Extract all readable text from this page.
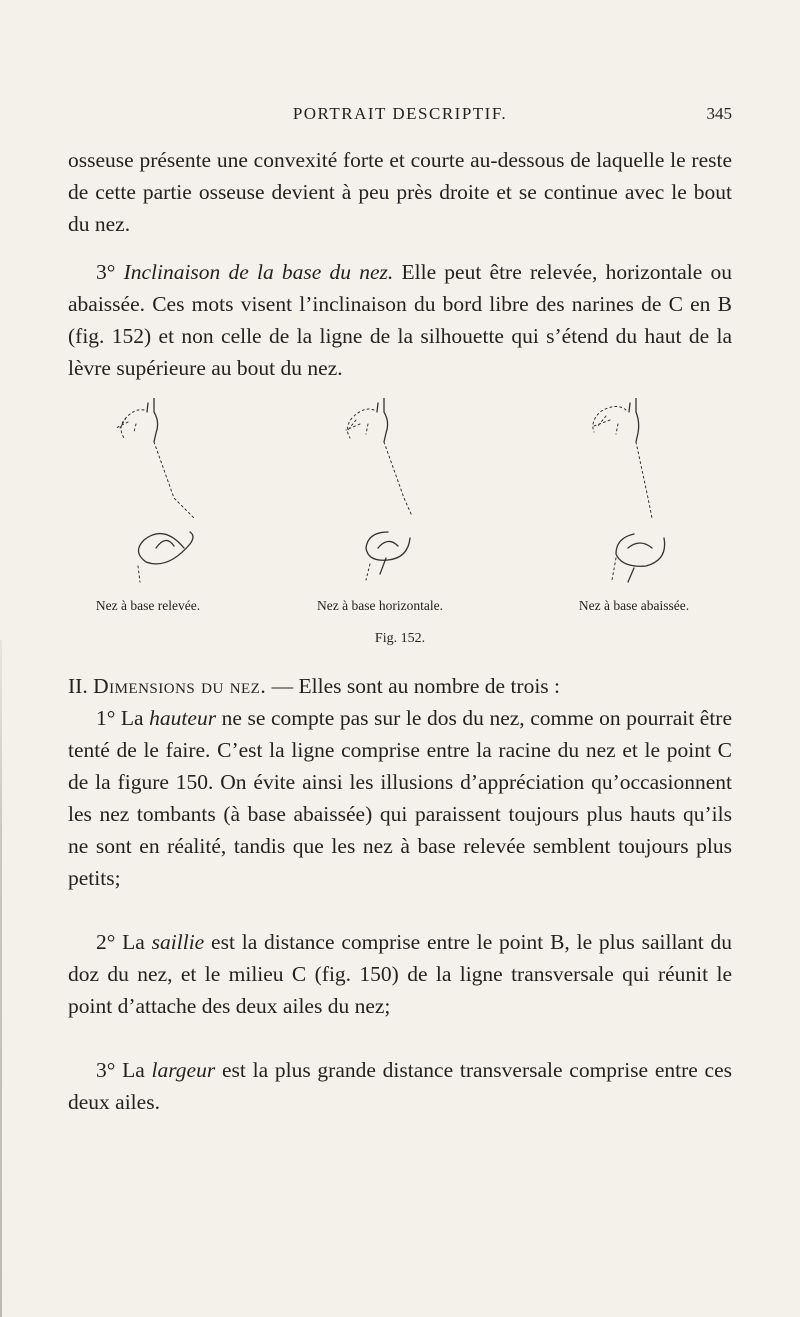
PORTRAIT DESCRIPTIF.	345

osseuse présente une convexité forte et courte au-dessous de laquelle le reste de cette partie osseuse devient à peu près droite et se continue avec le bout du nez.

3° Inclinaison de la base du nez. Elle peut être relevée, horizontale ou abaissée. Ces mots visent l’inclinaison du bord libre des narines de C en B (fig. 152) et non celle de la ligne de la silhouette qui s’étend du haut de la lèvre supérieure au bout du nez.

Nez à base relevée.	Nez à base horizontale.	Nez à base abaissée.
Fig. 152.

II. Dimensions du nez. — Elles sont au nombre de trois :

1° La hauteur ne se compte pas sur le dos du nez, comme on pourrait être tenté de le faire. C’est la ligne comprise entre la racine du nez et le point C de la figure 150. On évite ainsi les illusions d’appréciation qu’occasionnent les nez tombants (à base abaissée) qui paraissent toujours plus hauts qu’ils ne sont en réalité, tandis que les nez à base relevée semblent toujours plus petits;

2° La saillie est la distance comprise entre le point B, le plus saillant du doz du nez, et le milieu C (fig. 150) de la ligne transversale qui réunit le point d’attache des deux ailes du nez;

3° La largeur est la plus grande distance transversale comprise entre ces deux ailes.
